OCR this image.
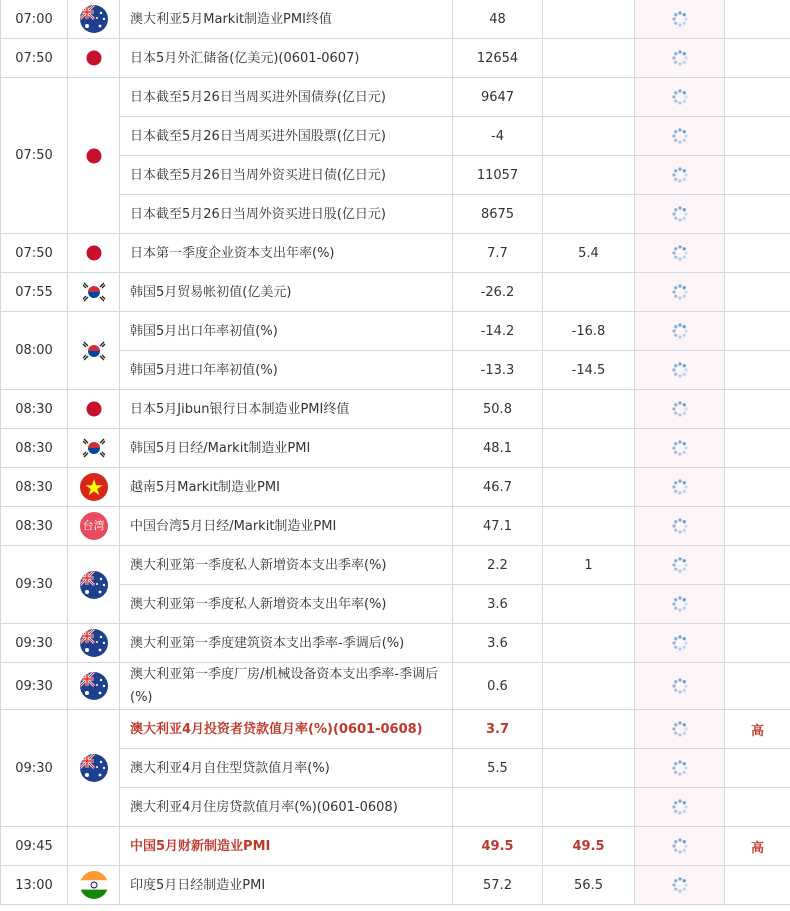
07:00		澳大利亚5月Markit制造业PMI终值	48		

07:50		日本5月外汇储备(亿美元)(0601-0607)	12654		

07:50		日本截至5月26日当周买进外国债券(亿日元)	9647		

		日本截至5月26日当周买进外国股票(亿日元)	-4		

		日本截至5月26日当周外资买进日债(亿日元)	11057		

		日本截至5月26日当周外资买进日股(亿日元)	8675		

07:50		日本第一季度企业资本支出年率(%)	7.7	5.4	

07:55		韩国5月贸易帐初值(亿美元)	-26.2		

08:00		韩国5月出口年率初值(%)	-14.2	-16.8	

		韩国5月进口年率初值(%)	-13.3	-14.5	

08:30		日本5月Jibun银行日本制造业PMI终值	50.8		

08:30		韩国5月日经/Markit制造业PMI	48.1		

08:30		越南5月Markit制造业PMI	46.7		

08:30	台湾	中国台湾5月日经/Markit制造业PMI	47.1		

09:30		澳大利亚第一季度私人新增资本支出季率(%)	2.2	1	

		澳大利亚第一季度私人新增资本支出年率(%)	3.6		

09:30		澳大利亚第一季度建筑资本支出季率-季调后(%)	3.6		

09:30		澳大利亚第一季度厂房/机械设备资本支出季率-季调后(%)	0.6		

09:30		澳大利亚4月投资者贷款值月率(%)(0601-0608)	3.7			高
		澳大利亚4月自住型贷款值月率(%)	5.5		

		澳大利亚4月住房贷款值月率(%)(0601-0608)			

09:45		中国5月财新制造业PMI	49.5	49.5		高
13:00		印度5月日经制造业PMI	57.2	56.5	
